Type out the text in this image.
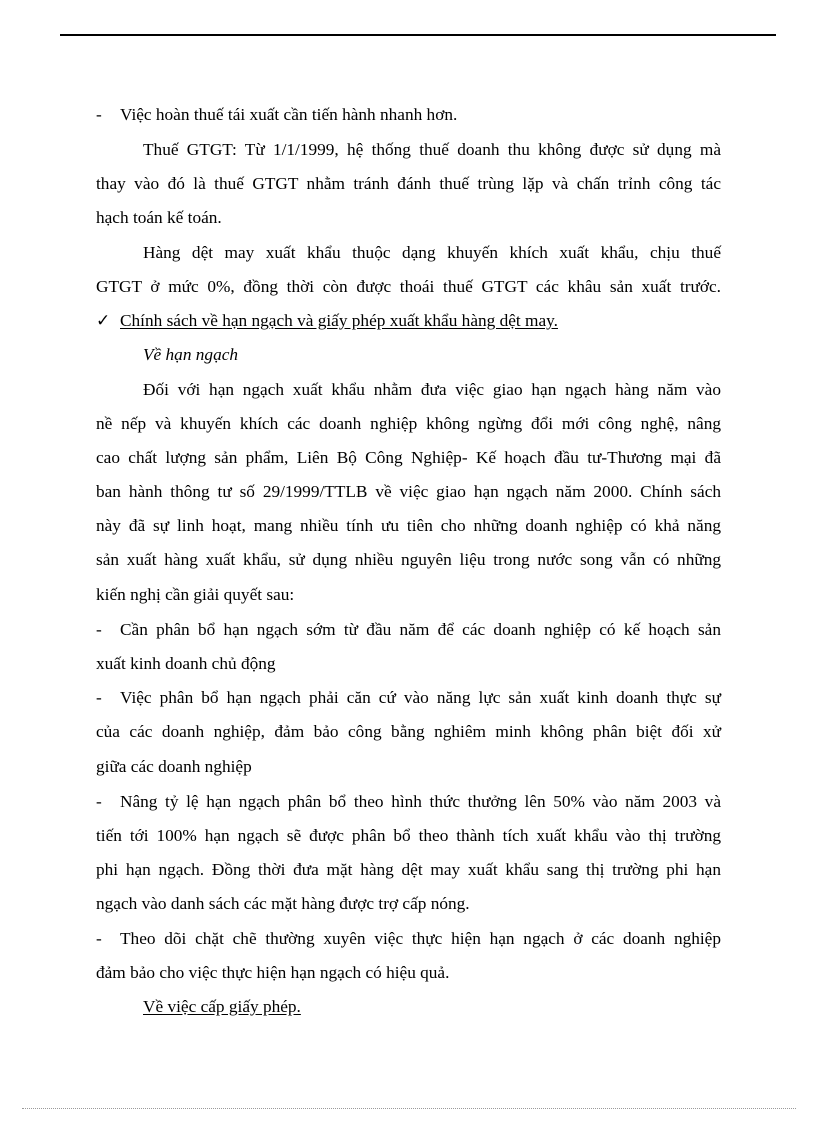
-	Việc hoàn thuế tái xuất cần tiến hành nhanh hơn.
Thuế GTGT: Từ 1/1/1999, hệ thống thuế doanh thu không được sử dụng mà
thay vào đó là thuế GTGT nhằm tránh đánh thuế trùng lặp và chấn trỉnh công tác
hạch toán kế toán.
Hàng dệt may xuất khẩu thuộc dạng khuyến khích xuất khẩu, chịu thuế
GTGT ở mức 0%, đồng thời còn được thoái thuế GTGT các khâu sản xuất trước.
✓ Chính sách về hạn ngạch và giấy phép xuất khẩu hàng dệt may.
Về hạn ngạch
Đối với hạn ngạch xuất khẩu nhằm đưa việc giao hạn ngạch hàng năm vào
nề nếp và khuyến khích các doanh nghiệp không ngừng đổi mới công nghệ, nâng
cao chất lượng sản phẩm, Liên Bộ Công Nghiệp- Kế hoạch đầu tư-Thương mại đã
ban hành thông tư số 29/1999/TTLB về việc giao hạn ngạch năm 2000. Chính sách
này đã sự linh hoạt, mang nhiều tính ưu tiên cho những doanh nghiệp có khả năng
sản xuất hàng xuất khẩu, sử dụng nhiều nguyên liệu trong nước song vẫn có những
kiến nghị cần giải quyết sau:
-	Cần phân bổ hạn ngạch sớm từ đầu năm để các doanh nghiệp có kế hoạch sản
xuất kinh doanh chủ động
-	Việc phân bổ hạn ngạch phải căn cứ vào năng lực sản xuất kinh doanh thực sự
của các doanh nghiệp, đảm bảo công bằng nghiêm minh không phân biệt đối xử
giữa các doanh nghiệp
-	Nâng tỷ lệ hạn ngạch phân bổ theo hình thức thưởng lên 50% vào năm 2003 và
tiến tới 100% hạn ngạch sẽ được phân bổ theo thành tích xuất khẩu vào thị trường
phi hạn ngạch. Đồng thời đưa mặt hàng dệt may xuất khẩu sang thị trường phi hạn
ngạch vào danh sách các mặt hàng được trợ cấp nóng.
-	Theo dõi chặt chẽ thường xuyên việc thực hiện hạn ngạch ở các doanh nghiệp
đảm bảo cho việc thực hiện hạn ngạch có hiệu quả.
Về việc cấp giấy phép.
